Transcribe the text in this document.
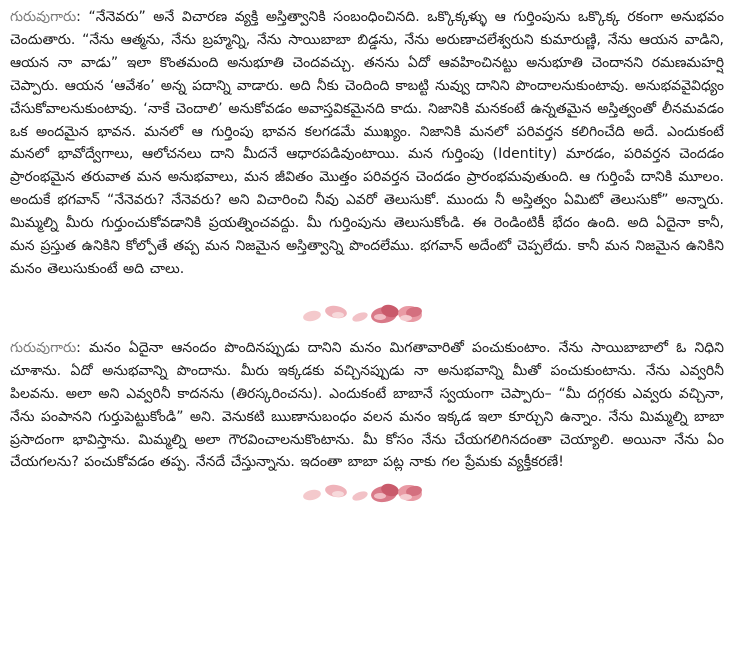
గురువుగారు: “నేనెవరు” అనే విచారణ వ్యక్తి అస్తిత్వానికి సంబంధించినది. ఒక్కొక్కళ్ళు ఆ గుర్తింపును ఒక్కొక్క రకంగా అనుభవం చెందుతారు. “నేను ఆత్మను, నేను బ్రహ్మన్ని, నేను సాయిబాబా బిడ్డను, నేను అరుణాచలేశ్వరుని కుమారుణ్ణి, నేను ఆయన వాడిని, ఆయన నా వాడు” ఇలా కొంతమంది అనుభూతి చెందవచ్చు. తనను ఏదో ఆవహించినట్టు అనుభూతి చెందానని రమణమహర్షి చెప్పారు. ఆయన ‘ఆవేశం’ అన్న పదాన్ని వాడారు. అది నీకు చెందింది కాబట్టి నువ్వు దానిని పొందాలనుకుంటావు. అనుభవవైవిధ్యం చేసుకోవాలనుకుంటావు. ‘నాకే చెందాలి’ అనుకోవడం అవాస్తవికమైనది కాదు. నిజానికి మనకంటే ఉన్నతమైన అస్తిత్వంతో లీనమవడం ఒక అందమైన భావన. మనలో ఆ గుర్తింపు భావన కలగడమే ముఖ్యం. నిజానికి మనలో పరివర్తన కలిగించేది అదే. ఎందుకంటే మనలో భావోద్వేగాలు, ఆలోచనలు దాని మీదనే ఆధారపడివుంటాయి. మన గుర్తింపు (Identity) మారడం, పరివర్తన చెందడం ప్రారంభమైన తరువాత మన అనుభవాలు, మన జీవితం మొత్తం పరివర్తన చెందడం ప్రారంభమవుతుంది. ఆ గుర్తింపే దానికి మూలం. అందుకే భగవాన్ “నేనెవరు? నేనెవరు? అని విచారించి నీవు ఎవరో తెలుసుకో. ముందు నీ అస్తిత్వం ఏమిటో తెలుసుకో” అన్నారు. మిమ్మల్ని మీరు గుర్తుంచుకోవడానికి ప్రయత్నించవద్దు. మీ గుర్తింపును తెలుసుకోండి. ఈ రెండింటికీ భేదం ఉంది. అది ఏదైనా కానీ, మన ప్రస్తుత ఉనికిని కోల్పోతే తప్ప మన నిజమైన అస్తిత్వాన్ని పొందలేము. భగవాన్ అదేంటో చెప్పలేదు. కానీ మన నిజమైన ఉనికిని మనం తెలుసుకుంటే అది చాలు.

గురువుగారు: మనం ఏదైనా ఆనందం పొందినప్పుడు దానిని మనం మిగతావారితో పంచుకుంటాం. నేను సాయిబాబాలో ఓ నిధిని చూశాను. ఏదో అనుభవాన్ని పొందాను. మీరు ఇక్కడకు వచ్చినప్పుడు నా అనుభవాన్ని మీతో పంచుకుంటాను. నేను ఎవ్వరినీ పిలవను. అలా అని ఎవ్వరినీ కాదనను (తిరస్కరించను). ఎందుకంటే బాబానే స్వయంగా చెప్పారు– “మీ దగ్గరకు ఎవ్వరు వచ్చినా, నేను పంపానని గుర్తుపెట్టుకోండి” అని. వెనుకటి ఋణానుబంధం వలన మనం ఇక్కడ ఇలా కూర్చుని ఉన్నాం. నేను మిమ్మల్ని బాబా ప్రసాదంగా భావిస్తాను. మిమ్మల్ని అలా గౌరవించాలనుకొంటాను. మీ కోసం నేను చేయగలిగినదంతా చెయ్యాలి. అయినా నేను ఏం చేయగలను? పంచుకోవడం తప్ప. నేనదే చేస్తున్నాను. ఇదంతా బాబా పట్ల నాకు గల ప్రేమకు వ్యక్తీకరణే!
